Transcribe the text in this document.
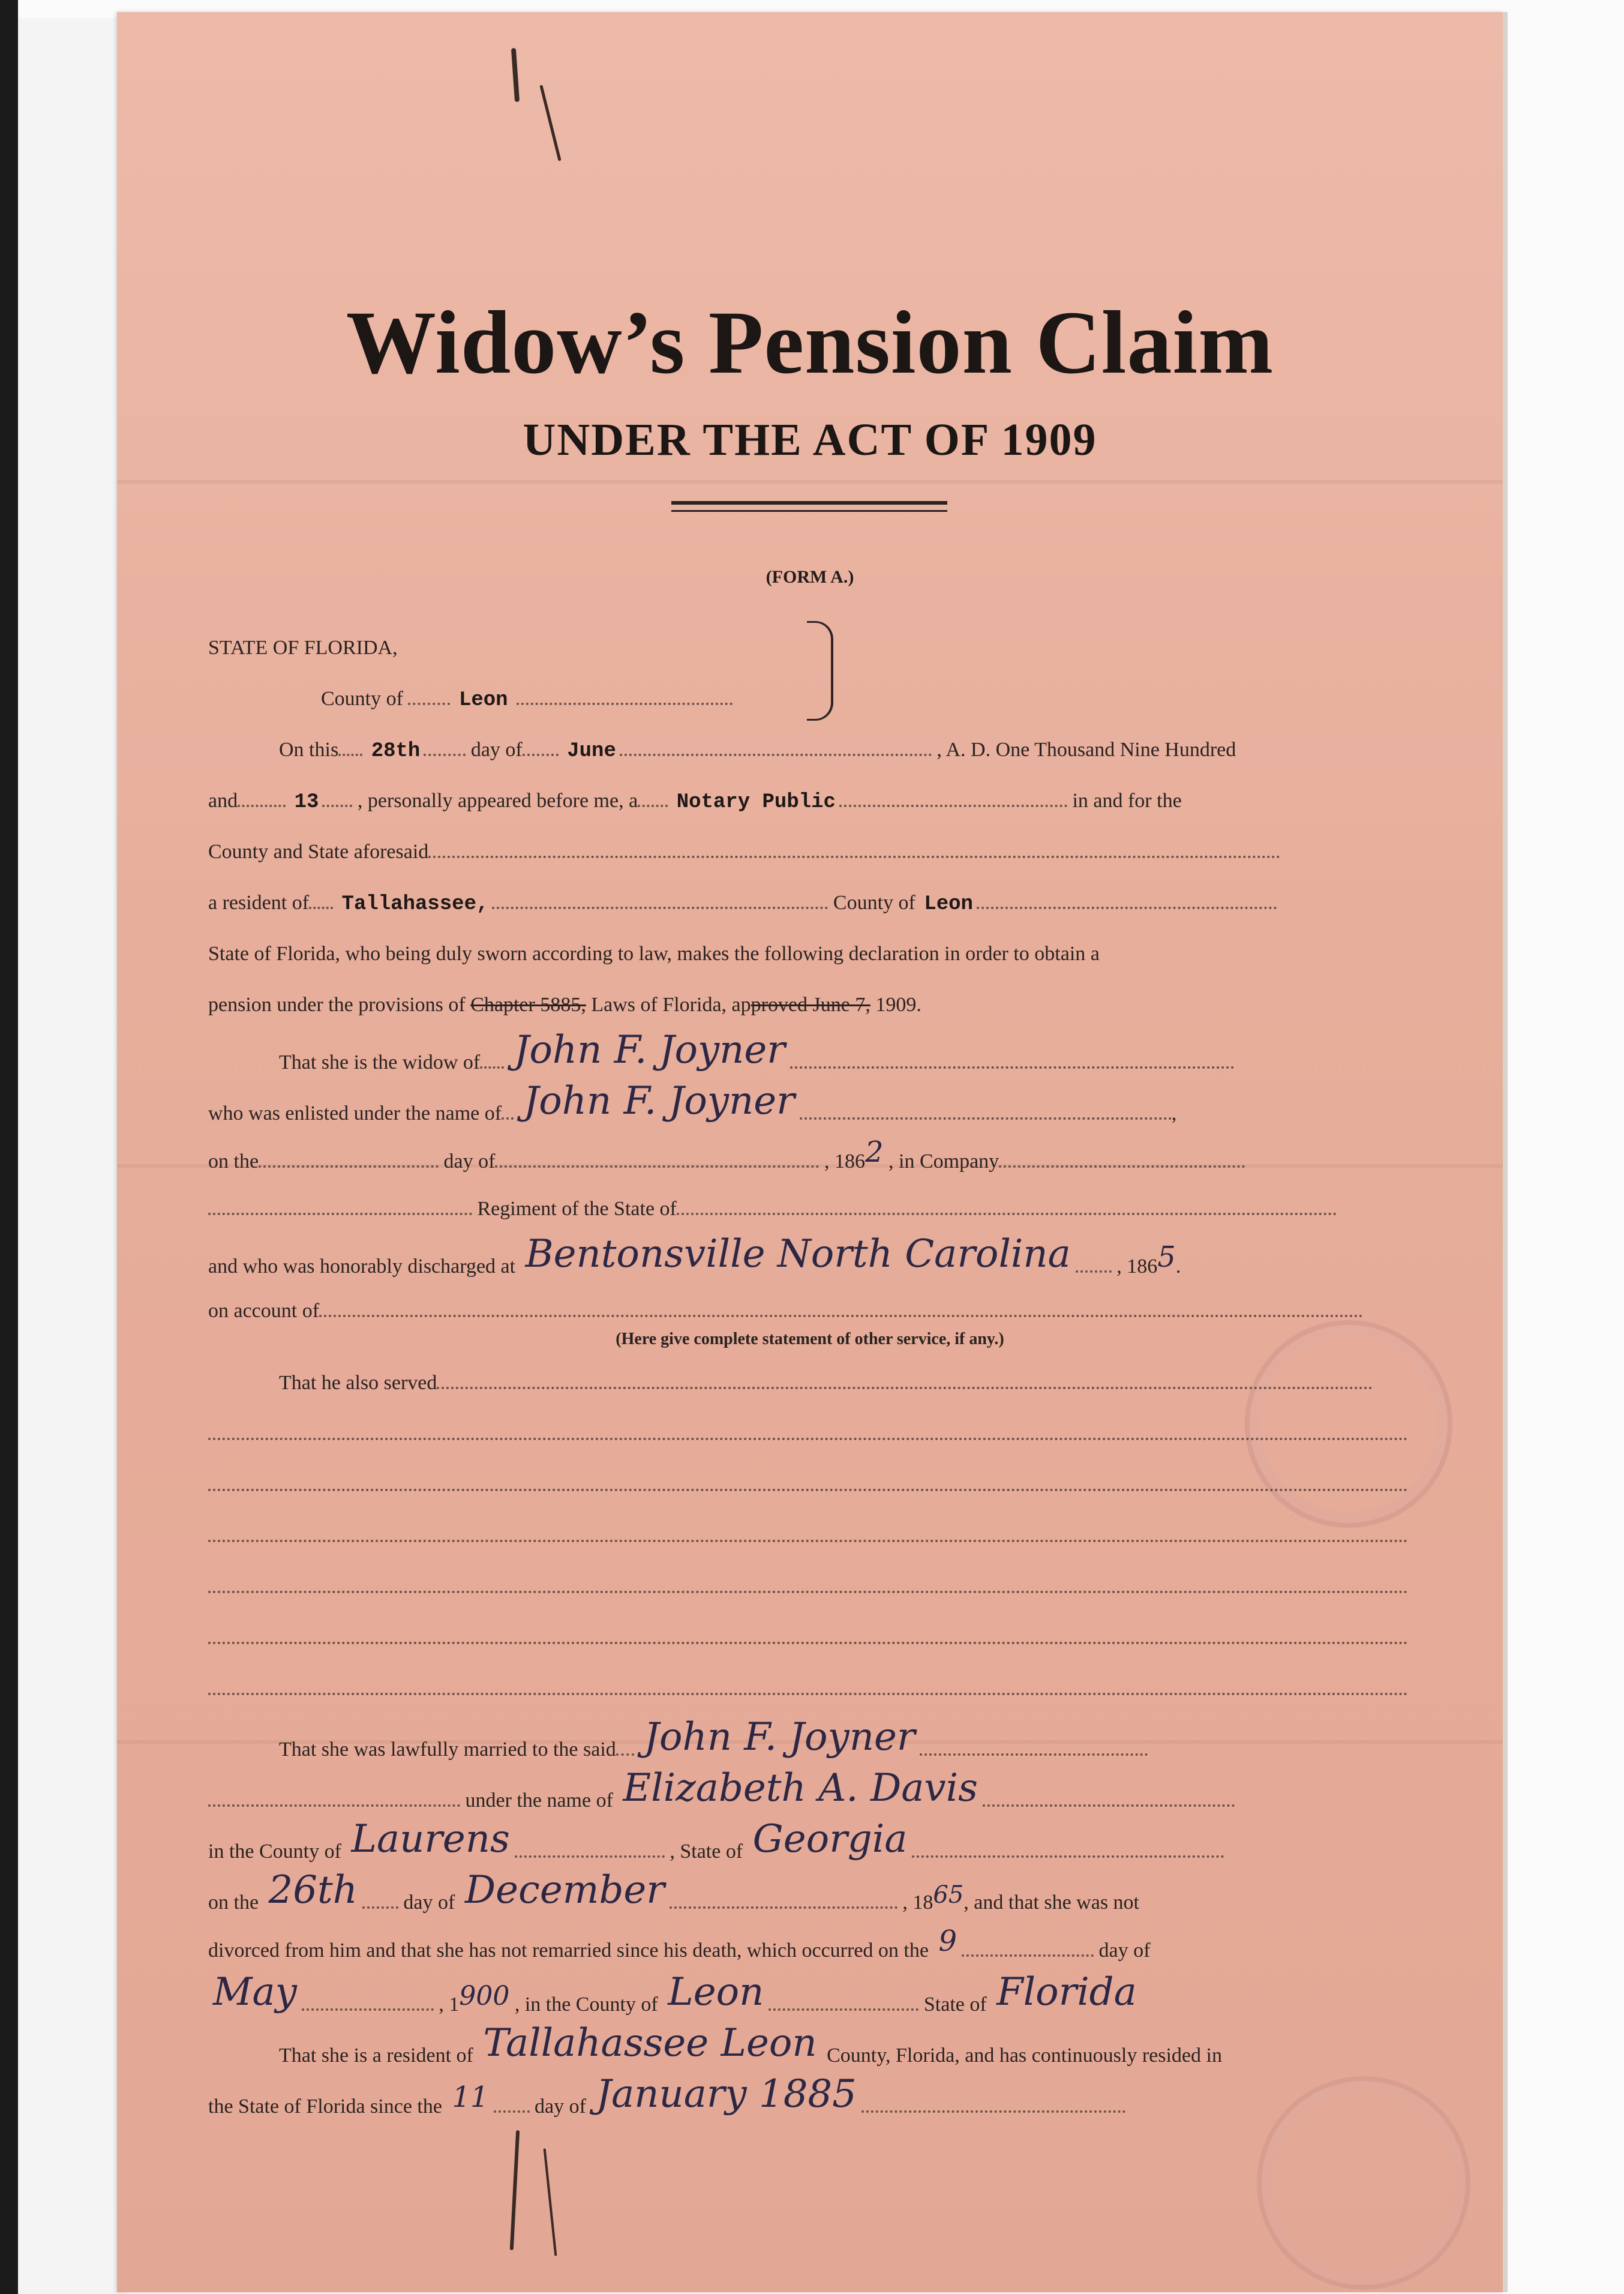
Widow’s Pension Claim
UNDER THE ACT OF 1909
(FORM A.)
STATE OF FLORIDA,
County of	Leon
On this 28th day of June	, A. D. One Thousand Nine Hundred
and	13 , personally appeared before me, a Notary Public	in and for the
County and State aforesaid
a resident of Tallahassee,	County of Leon
State of Florida, who being duly sworn according to law, makes the following declaration in order to obtain a
pension under the provisions of Chapter 5885, Laws of Florida, approved June 7, 1909.
That she is the widow of John F. Joyner
who was enlisted under the name of John F. Joyner	,
on the	day of	, 1862 , in Company
Regiment of the State of
and who was honorably discharged at Bentonsville North Carolina , 1865.
on account of
(Here give complete statement of other service, if any.)
That he also served
That she was lawfully married to the said John F. Joyner
under the name of Elizabeth A. Davis
in the County of Laurens	, State of Georgia
on the 26th day of December	, 1865, and that she was not
divorced from him and that she has not remarried since his death, which occurred on the 9	day of
May	, 1900 , in the County of Leon	State of Florida
That she is a resident of Tallahassee Leon County, Florida, and has continuously resided in
the State of Florida since the 11 day of January 1885
